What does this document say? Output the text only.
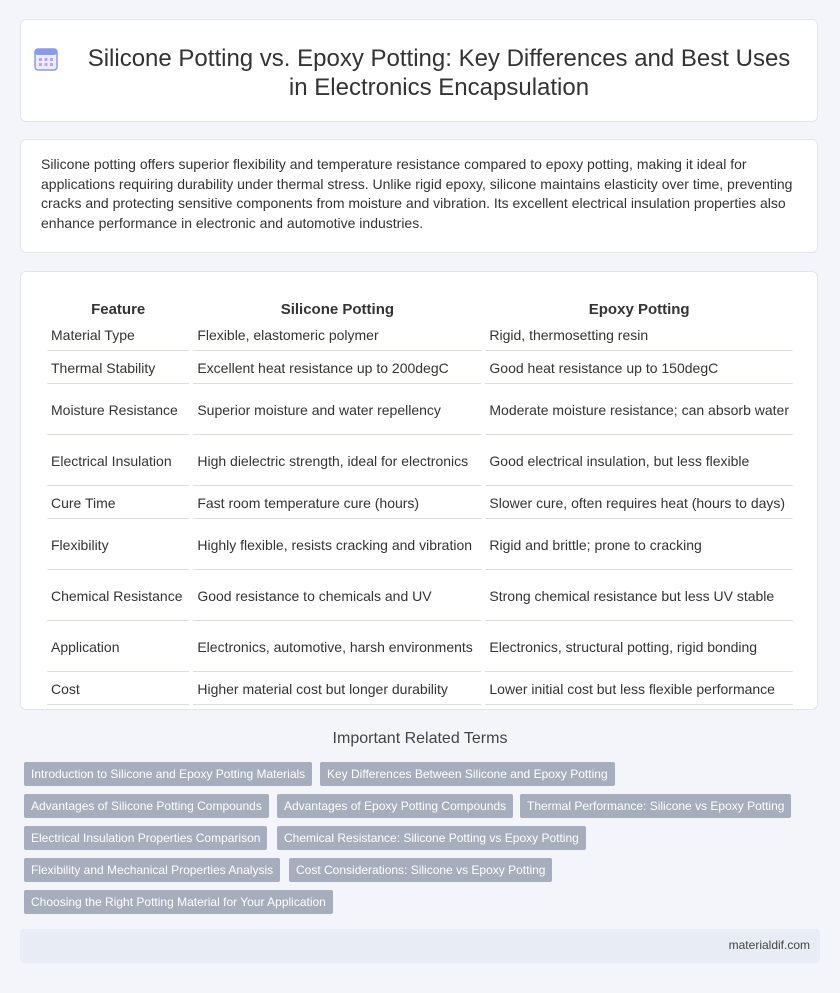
Silicone Potting vs. Epoxy Potting: Key Differences and Best Uses in Electronics Encapsulation

Silicone potting offers superior flexibility and temperature resistance compared to epoxy potting, making it ideal for applications requiring durability under thermal stress. Unlike rigid epoxy, silicone maintains elasticity over time, preventing cracks and protecting sensitive components from moisture and vibration. Its excellent electrical insulation properties also enhance performance in electronic and automotive industries.

Feature	Silicone Potting	Epoxy Potting
Material Type	Flexible, elastomeric polymer	Rigid, thermosetting resin
Thermal Stability	Excellent heat resistance up to 200degC	Good heat resistance up to 150degC
Moisture Resistance	Superior moisture and water repellency	Moderate moisture resistance; can absorb water
Electrical Insulation	High dielectric strength, ideal for electronics	Good electrical insulation, but less flexible
Cure Time	Fast room temperature cure (hours)	Slower cure, often requires heat (hours to days)
Flexibility	Highly flexible, resists cracking and vibration	Rigid and brittle; prone to cracking
Chemical Resistance	Good resistance to chemicals and UV	Strong chemical resistance but less UV stable
Application	Electronics, automotive, harsh environments	Electronics, structural potting, rigid bonding
Cost	Higher material cost but longer durability	Lower initial cost but less flexible performance
Important Related Terms
Introduction to Silicone and Epoxy Potting Materials	Key Differences Between Silicone and Epoxy Potting
Advantages of Silicone Potting Compounds	Advantages of Epoxy Potting Compounds	Thermal Performance: Silicone vs Epoxy Potting
Electrical Insulation Properties Comparison	Chemical Resistance: Silicone Potting vs Epoxy Potting
Flexibility and Mechanical Properties Analysis	Cost Considerations: Silicone vs Epoxy Potting
Choosing the Right Potting Material for Your Application
materialdif.com
